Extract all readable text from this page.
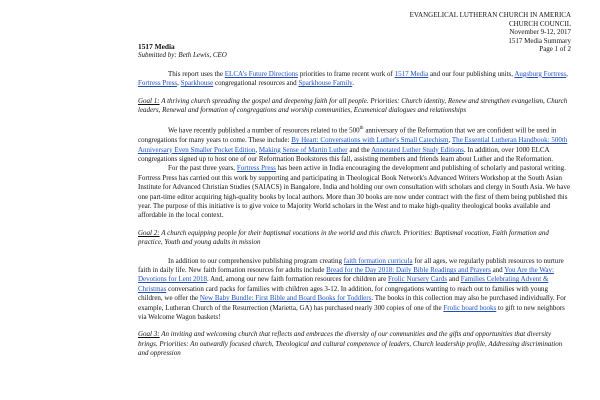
EVANGELICAL LUTHERAN CHURCH IN AMERICA
CHURCH COUNCIL
November 9-12, 2017
1517 Media Summary
Page 1 of 2
1517 Media
Submitted by: Beth Lewis, CEO

This report uses the ELCA's Future Directions priorities to frame recent work of 1517 Media and our four publishing units, Augsburg Fortress, Fortress Press, Sparkhouse congregational resources and Sparkhouse Family.

Goal 1: A thriving church spreading the gospel and deepening faith for all people. Priorities: Church identity, Renew and strengthen evangelism, Church leaders, Renewal and formation of congregations and worship communities, Ecumenical dialogues and relationships

We have recently published a number of resources related to the 500th anniversary of the Reformation that we are confident will be used in congregations for many years to come. These include: By Heart: Conversations with Luther's Small Catechism, The Essential Lutheran Handbook: 500th Anniversary Even Smaller Pocket Edition, Making Sense of Martin Luther and the Annotated Luther Study Editions. In addition, over 1000 ELCA congregations signed up to host one of our Reformation Bookstores this fall, assisting members and friends learn about Luther and the Reformation.

For the past three years, Fortress Press has been active in India encouraging the development and publishing of scholarly and pastoral writing. Fortress Press has carried out this work by supporting and participating in Theological Book Network's Advanced Writers Workshop at the South Asian Institute for Advanced Christian Studies (SAIACS) in Bangalore, India and holding our own consultation with scholars and clergy in South Asia. We have one part-time editor acquiring high-quality books by local authors. More than 30 books are now under contract with the first of them being published this year. The purpose of this initiative is to give voice to Majority World scholars in the West and to make high-quality theological books available and affordable in the local context.

Goal 2: A church equipping people for their baptismal vocations in the world and this church. Priorities: Baptismal vocation, Faith formation and practice, Youth and young adults in mission

In addition to our comprehensive publishing program creating faith formation curricula for all ages, we regularly publish resources to nurture faith in daily life. New faith formation resources for adults include Bread for the Day 2018: Daily Bible Readings and Prayers and You Are the Way: Devotions for Lent 2018. And, among our new faith formation resources for children are Frolic Nursery Cards and Families Celebrating Advent & Christmas conversation card packs for families with children ages 3-12. In addition, for congregations wanting to reach out to families with young children, we offer the New Baby Bundle: First Bible and Board Books for Toddlers. The books in this collection may also be purchased individually. For example, Lutheran Church of the Resurrection (Marietta, GA) has purchased nearly 300 copies of one of the Frolic board books to gift to new neighbors via Welcome Wagon baskets!

Goal 3: An inviting and welcoming church that reflects and embraces the diversity of our communities and the gifts and opportunities that diversity brings. Priorities: An outwardly focused church, Theological and cultural competence of leaders, Church leadership profile, Addressing discrimination and oppression
